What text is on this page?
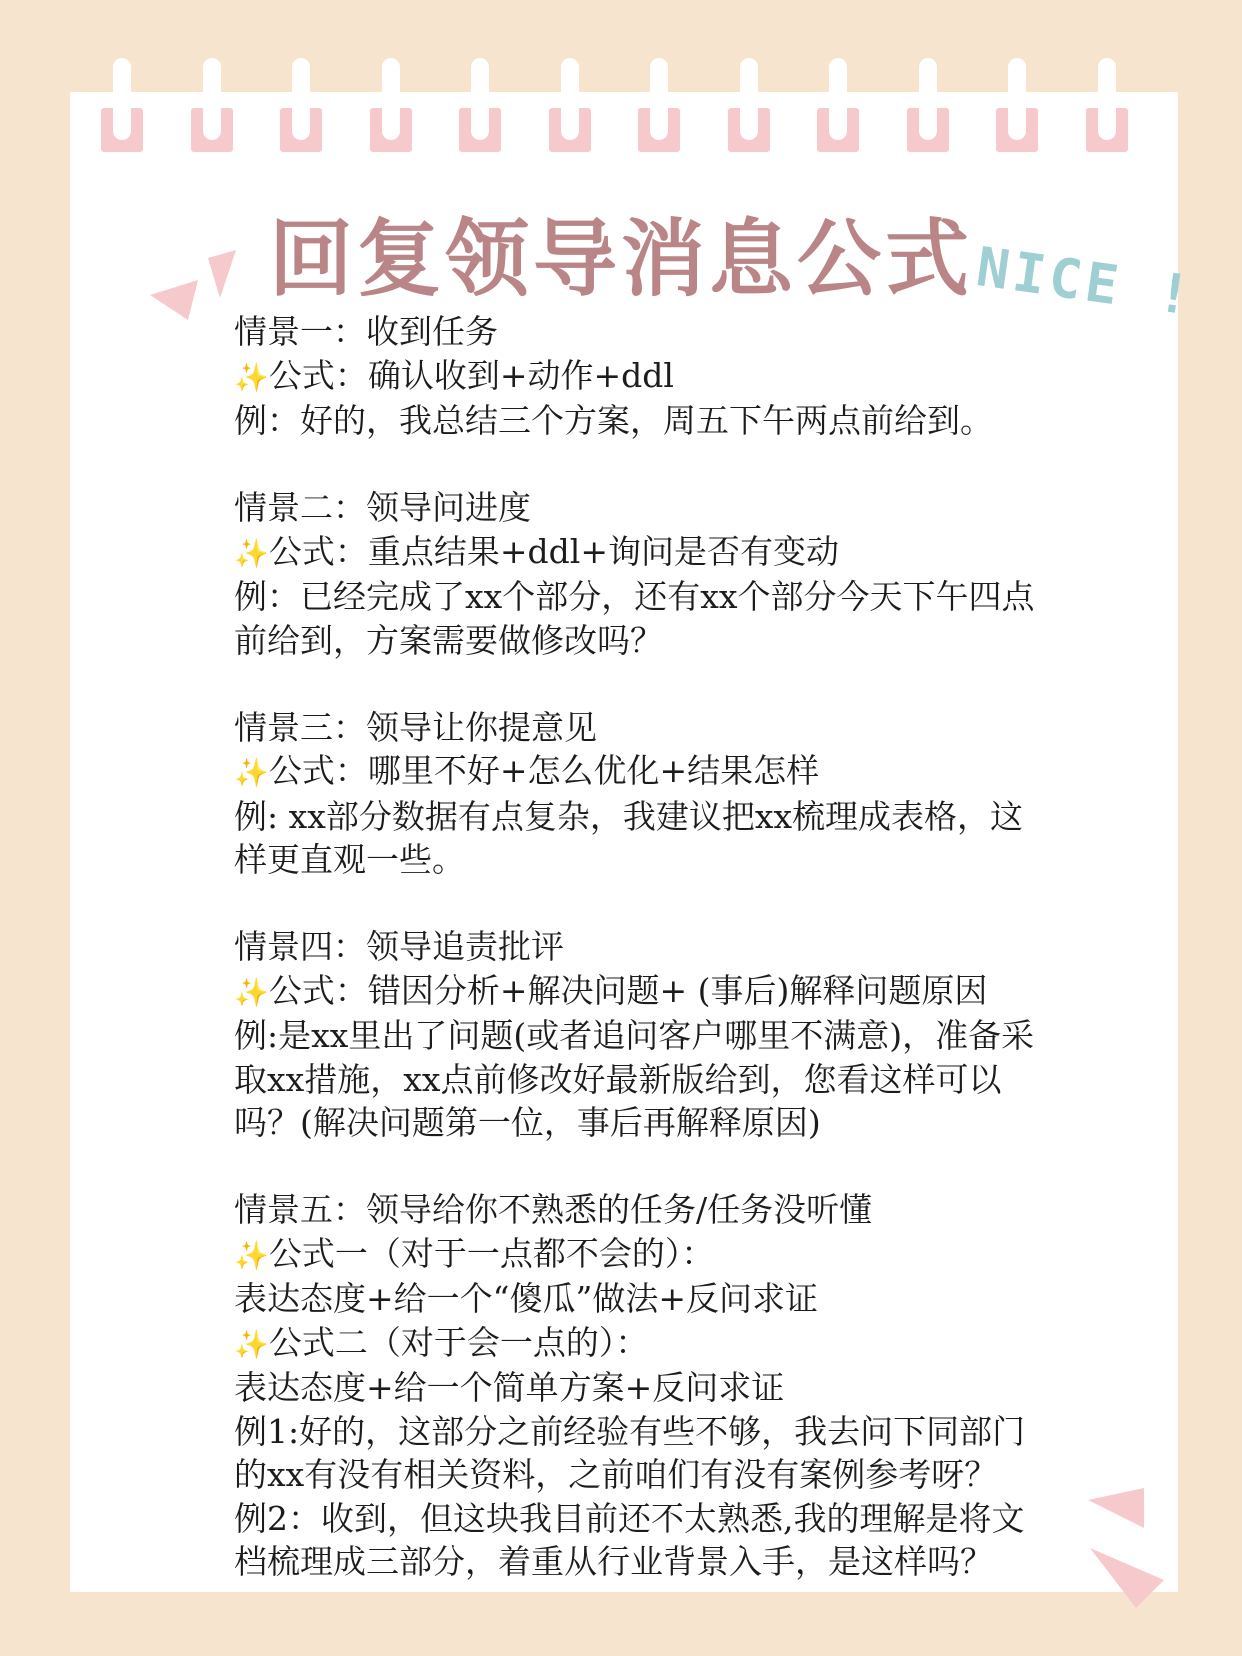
回复领导消息公式 NICE !
情景一：收到任务
✨公式：确认收到+动作+ddl
例：好的，我总结三个方案，周五下午两点前给到。
情景二：领导问进度
✨公式：重点结果+ddl+询问是否有变动
例：已经完成了xx个部分，还有xx个部分今天下午四点
前给到，方案需要做修改吗？
情景三：领导让你提意见
✨公式：哪里不好+怎么优化+结果怎样
例: xx部分数据有点复杂，我建议把xx梳理成表格，这
样更直观一些。
情景四：领导追责批评
✨公式：错因分析+解决问题+ (事后)解释问题原因
例:是xx里出了问题(或者追问客户哪里不满意)，准备采
取xx措施，xx点前修改好最新版给到，您看这样可以
吗？(解决问题第一位，事后再解释原因)
情景五：领导给你不熟悉的任务/任务没听懂
✨公式一（对于一点都不会的）：
表达态度+给一个“傻瓜”做法+反问求证
✨公式二（对于会一点的）：
表达态度+给一个简单方案+反问求证
例1:好的，这部分之前经验有些不够，我去问下同部门
的xx有没有相关资料，之前咱们有没有案例参考呀？
例2：收到，但这块我目前还不太熟悉,我的理解是将文
档梳理成三部分，着重从行业背景入手，是这样吗？
